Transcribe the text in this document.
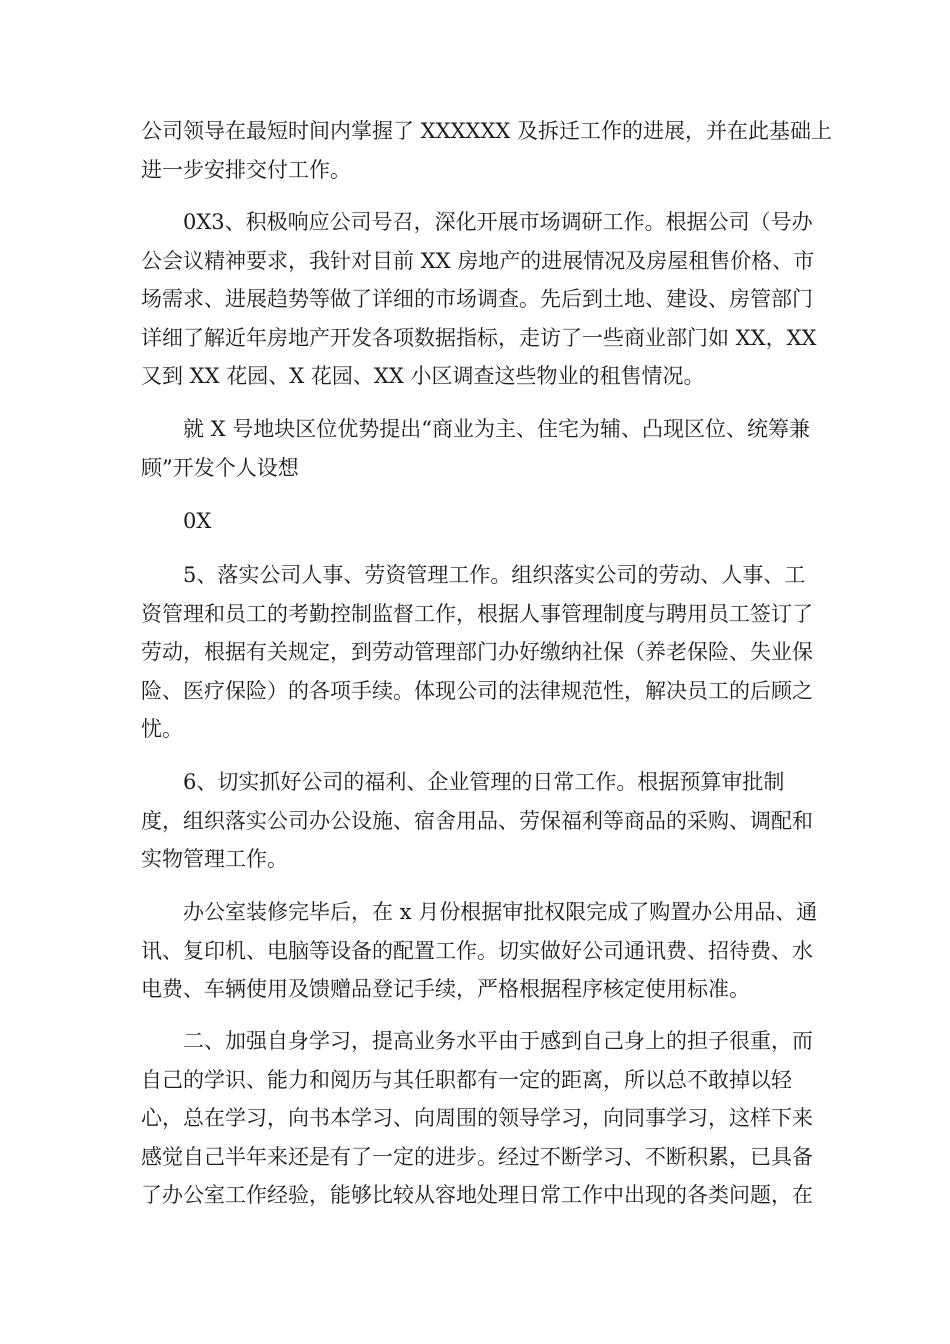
公司领导在最短时间内掌握了 XXXXXX 及拆迁工作的进展，并在此基础上
进一步安排交付工作。
　　0X3、积极响应公司号召，深化开展市场调研工作。根据公司（号办
公会议精神要求，我针对目前 XX 房地产的进展情况及房屋租售价格、市
场需求、进展趋势等做了详细的市场调查。先后到土地、建设、房管部门
详细了解近年房地产开发各项数据指标，走访了一些商业部门如 XX，XX
又到 XX 花园、X 花园、XX 小区调查这些物业的租售情况。
　　就 X 号地块区位优势提出“商业为主、住宅为辅、凸现区位、统筹兼
顾”开发个人设想
　　0X
　　5、落实公司人事、劳资管理工作。组织落实公司的劳动、人事、工
资管理和员工的考勤控制监督工作，根据人事管理制度与聘用员工签订了
劳动，根据有关规定，到劳动管理部门办好缴纳社保（养老保险、失业保
险、医疗保险）的各项手续。体现公司的法律规范性，解决员工的后顾之
忧。
　　6、切实抓好公司的福利、企业管理的日常工作。根据预算审批制
度，组织落实公司办公设施、宿舍用品、劳保福利等商品的采购、调配和
实物管理工作。
　　办公室装修完毕后，在 x 月份根据审批权限完成了购置办公用品、通
讯、复印机、电脑等设备的配置工作。切实做好公司通讯费、招待费、水
电费、车辆使用及馈赠品登记手续，严格根据程序核定使用标准。
　　二、加强自身学习，提高业务水平由于感到自己身上的担子很重，而
自己的学识、能力和阅历与其任职都有一定的距离，所以总不敢掉以轻
心，总在学习，向书本学习、向周围的领导学习，向同事学习，这样下来
感觉自己半年来还是有了一定的进步。经过不断学习、不断积累，已具备
了办公室工作经验，能够比较从容地处理日常工作中出现的各类问题，在
